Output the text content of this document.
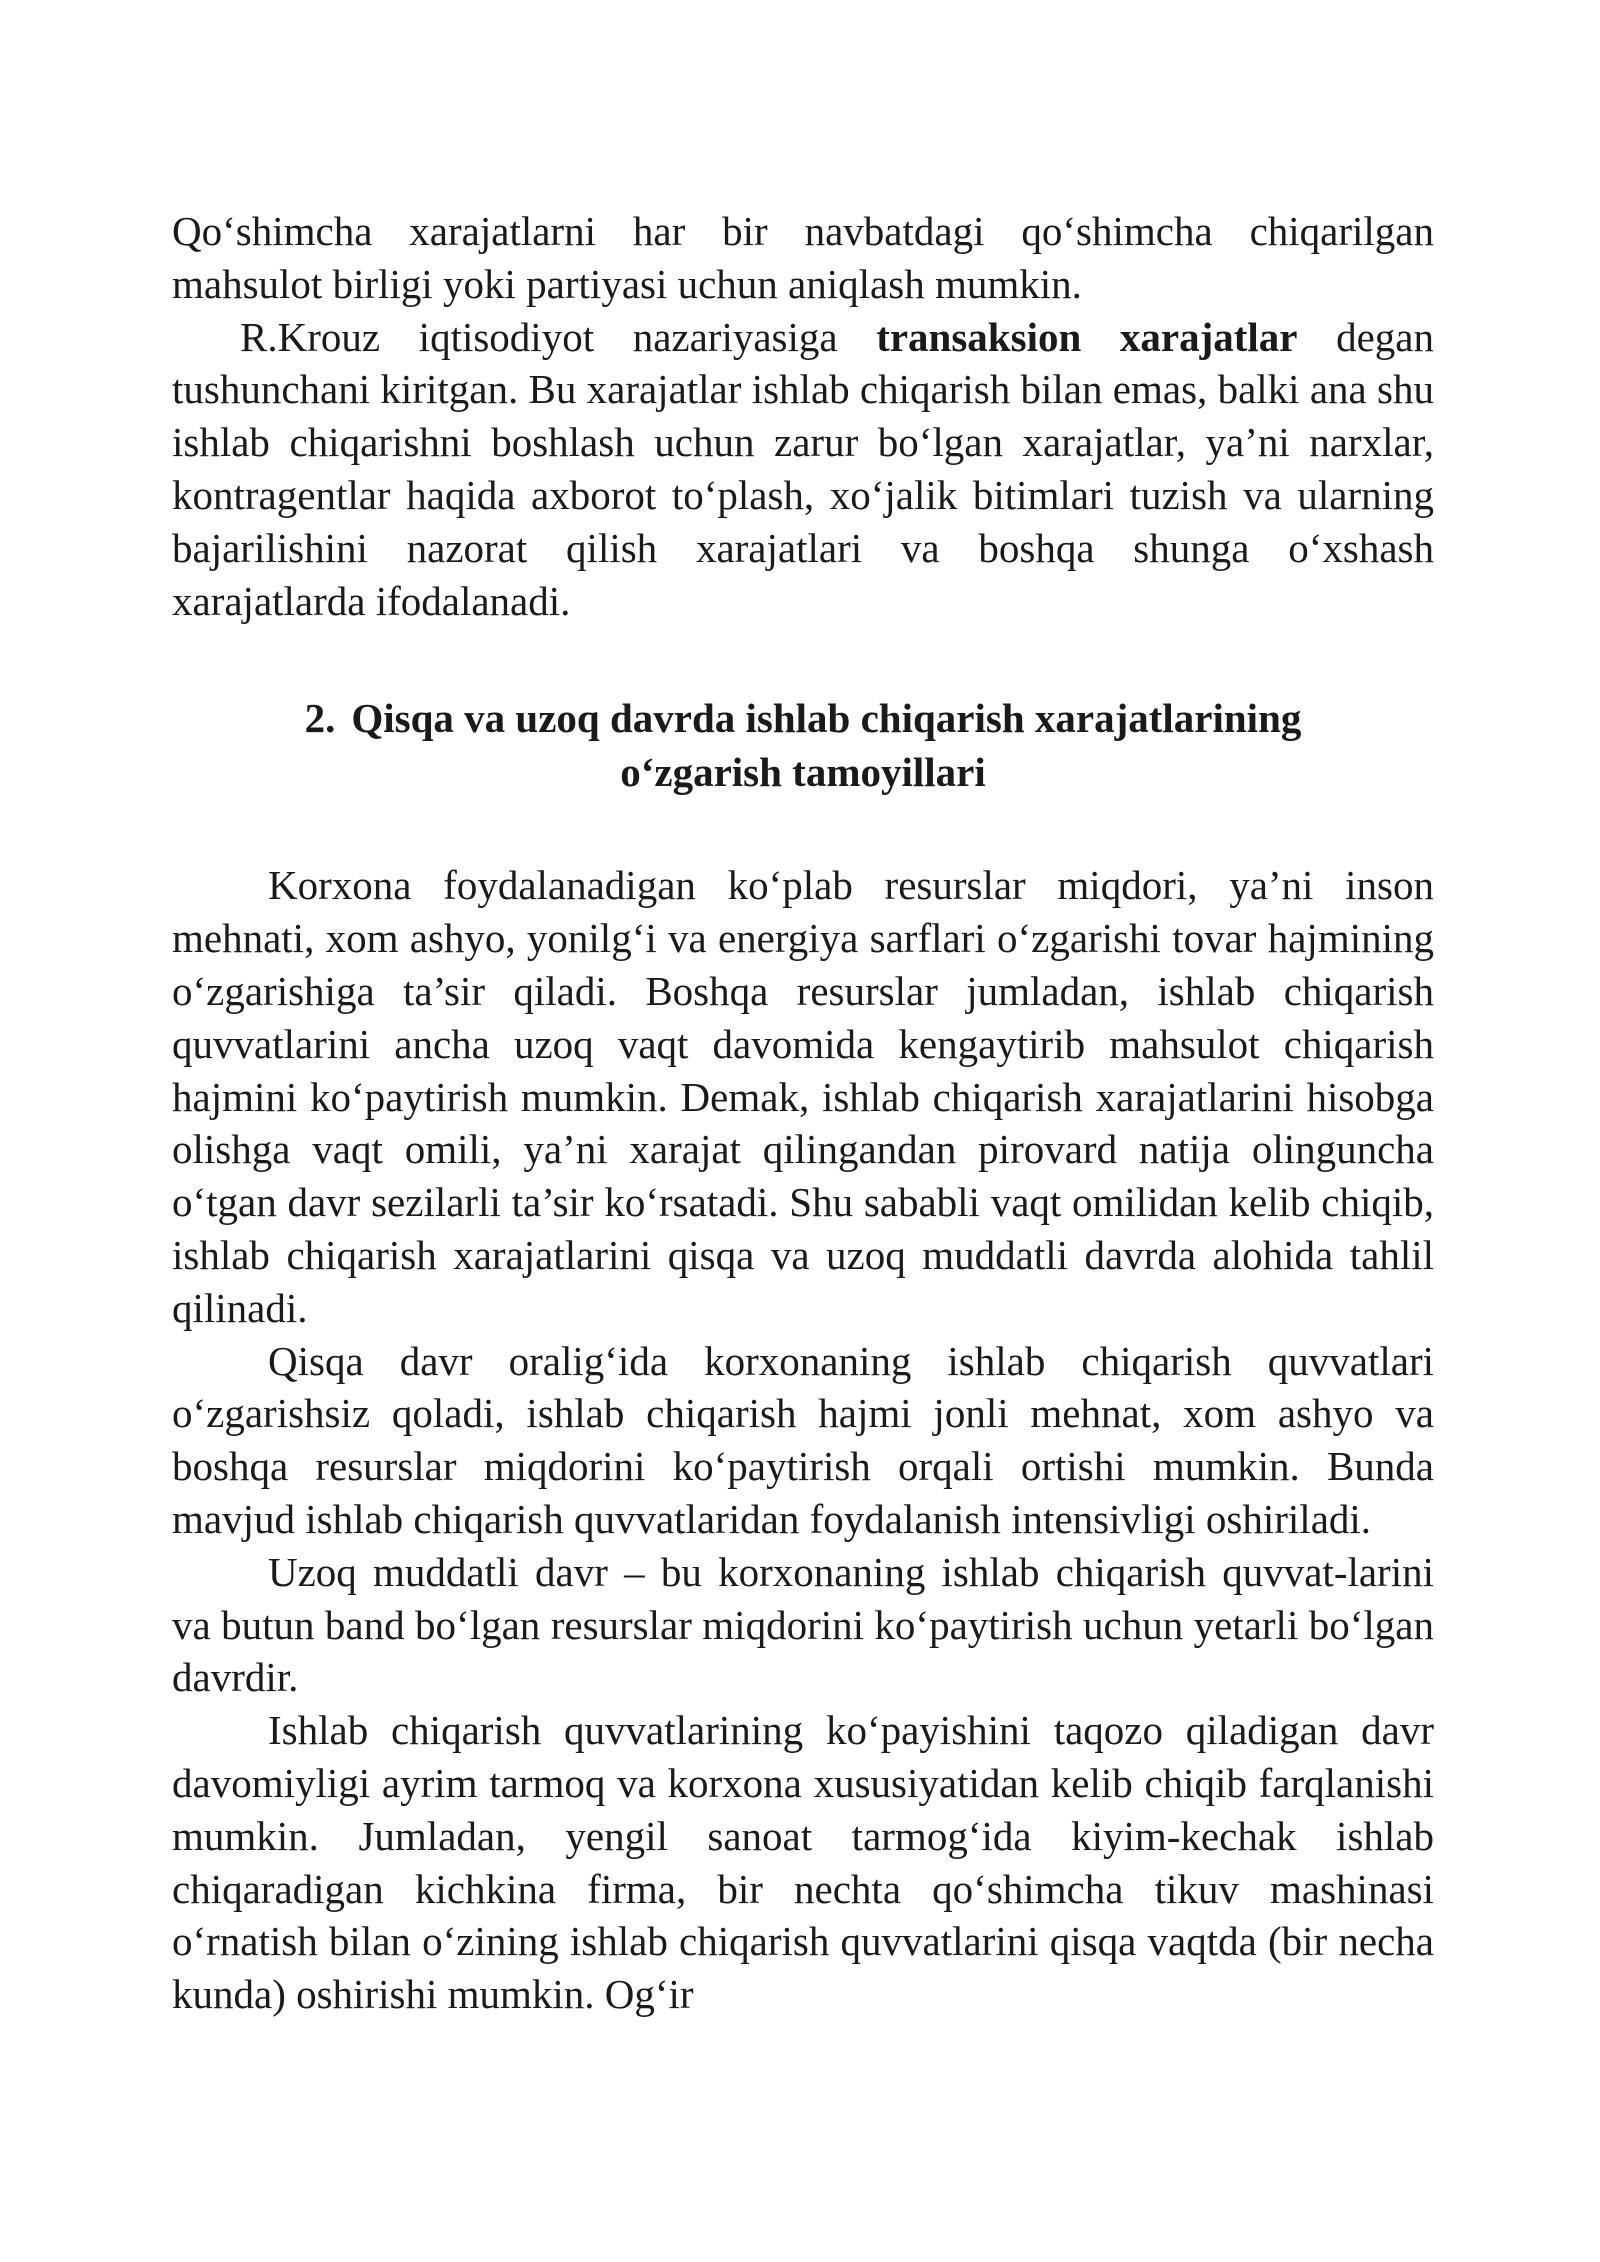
Qo‘shimcha xarajatlarni har bir navbatdagi qo‘shimcha chiqarilgan mahsulot birligi yoki partiyasi uchun aniqlash mumkin.

R.Krouz iqtisodiyot nazariyasiga transaksion xarajatlar degan tushunchani kiritgan. Bu xarajatlar ishlab chiqarish bilan emas, balki ana shu ishlab chiqarishni boshlash uchun zarur bo‘lgan xarajatlar, ya’ni narxlar, kontragentlar haqida axborot to‘plash, xo‘jalik bitimlari tuzish va ularning bajarilishini nazorat qilish xarajatlari va boshqa shunga o‘xshash xarajatlarda ifodalanadi.

2. Qisqa va uzoq davrda ishlab chiqarish xarajatlarining
o‘zgarish tamoyillari

Korxona foydalanadigan ko‘plab resurslar miqdori, ya’ni inson mehnati, xom ashyo, yonilg‘i va energiya sarflari o‘zgarishi tovar hajmining o‘zgarishiga ta’sir qiladi. Boshqa resurslar jumladan, ishlab chiqarish quvvatlarini ancha uzoq vaqt davomida kengaytirib mahsulot chiqarish hajmini ko‘paytirish mumkin. Demak, ishlab chiqarish xarajatlarini hisobga olishga vaqt omili, ya’ni xarajat qilingandan pirovard natija olinguncha o‘tgan davr sezilarli ta’sir ko‘rsatadi. Shu sababli vaqt omilidan kelib chiqib, ishlab chiqarish xarajatlarini qisqa va uzoq muddatli davrda alohida tahlil qilinadi.

Qisqa davr oralig‘ida korxonaning ishlab chiqarish quvvatlari o‘zgarishsiz qoladi, ishlab chiqarish hajmi jonli mehnat, xom ashyo va boshqa resurslar miqdorini ko‘paytirish orqali ortishi mumkin. Bunda mavjud ishlab chiqarish quvvatlaridan foydalanish intensivligi oshiriladi.

Uzoq muddatli davr – bu korxonaning ishlab chiqarish quvvat-larini va butun band bo‘lgan resurslar miqdorini ko‘paytirish uchun yetarli bo‘lgan davrdir.

Ishlab chiqarish quvvatlarining ko‘payishini taqozo qiladigan davr davomiyligi ayrim tarmoq va korxona xususiyatidan kelib chiqib farqlanishi mumkin. Jumladan, yengil sanoat tarmog‘ida kiyim-kechak ishlab chiqaradigan kichkina firma, bir nechta qo‘shimcha tikuv mashinasi o‘rnatish bilan o‘zining ishlab chiqarish quvvatlarini qisqa vaqtda (bir necha kunda) oshirishi mumkin. Og‘ir
